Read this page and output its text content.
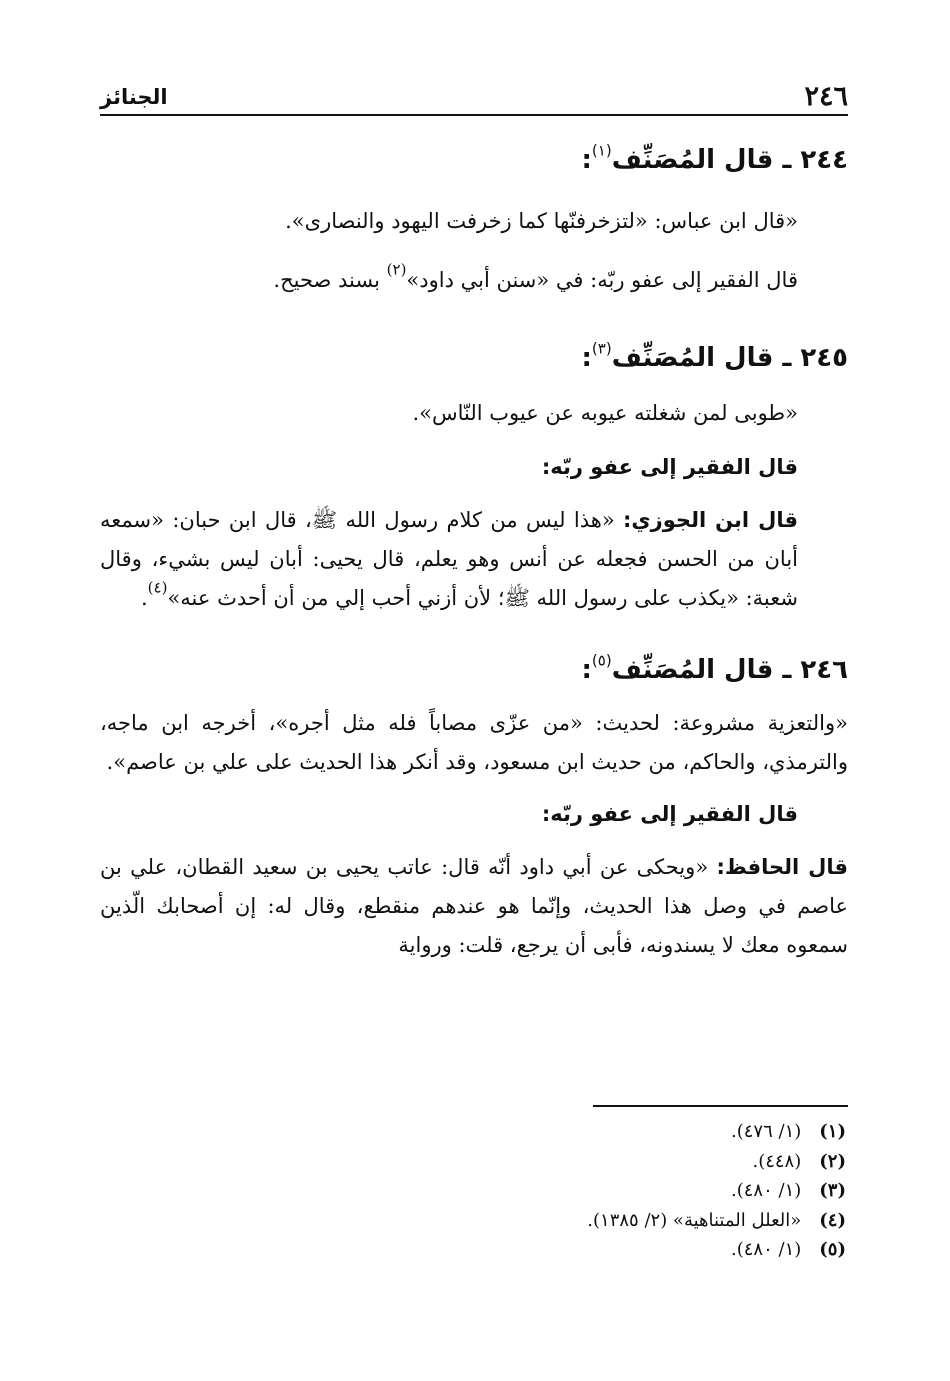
٢٤٦
الجنائز
٢٤٤ ـ قال المُصَنِّف$^{(١)}$:

«قال ابن عباس: «لتزخرفنّها كما زخرفت اليهود والنصارى».

قال الفقير إلى عفو ربّه: في «سنن أبي داود»$^{(٢)}$ بسند صحيح.

٢٤٥ ـ قال المُصَنِّف$^{(٣)}$:

«طوبى لمن شغلته عيوبه عن عيوب النّاس».

قال الفقير إلى عفو ربّه:

قال ابن الجوزي: «هذا ليس من كلام رسول الله ﷺ، قال ابن حبان: «سمعه أبان من الحسن فجعله عن أنس وهو يعلم، قال يحيى: أبان ليس بشيء، وقال شعبة: «يكذب على رسول الله ﷺ؛ لأن أزني أحب إلي من أن أحدث عنه»$^{(٤)}$.

٢٤٦ ـ قال المُصَنِّف$^{(٥)}$:

«والتعزية مشروعة: لحديث: «من عزّى مصاباً فله مثل أجره»، أخرجه ابن ماجه، والترمذي، والحاكم، من حديث ابن مسعود، وقد أنكر هذا الحديث على علي بن عاصم».

قال الفقير إلى عفو ربّه:

قال الحافظ: «ويحكى عن أبي داود أنّه قال: عاتب يحيى بن سعيد القطان، علي بن عاصم في وصل هذا الحديث، وإنّما هو عندهم منقطع، وقال له: إن أصحابك الّذين سمعوه معك لا يسندونه، فأبى أن يرجع، قلت: ورواية

(١)
(١/ ٤٧٦).
(٢)
(٤٤٨).
(٣)
(١/ ٤٨٠).
(٤)
«العلل المتناهية» (٢/ ١٣٨٥).
(٥)
(١/ ٤٨٠).
